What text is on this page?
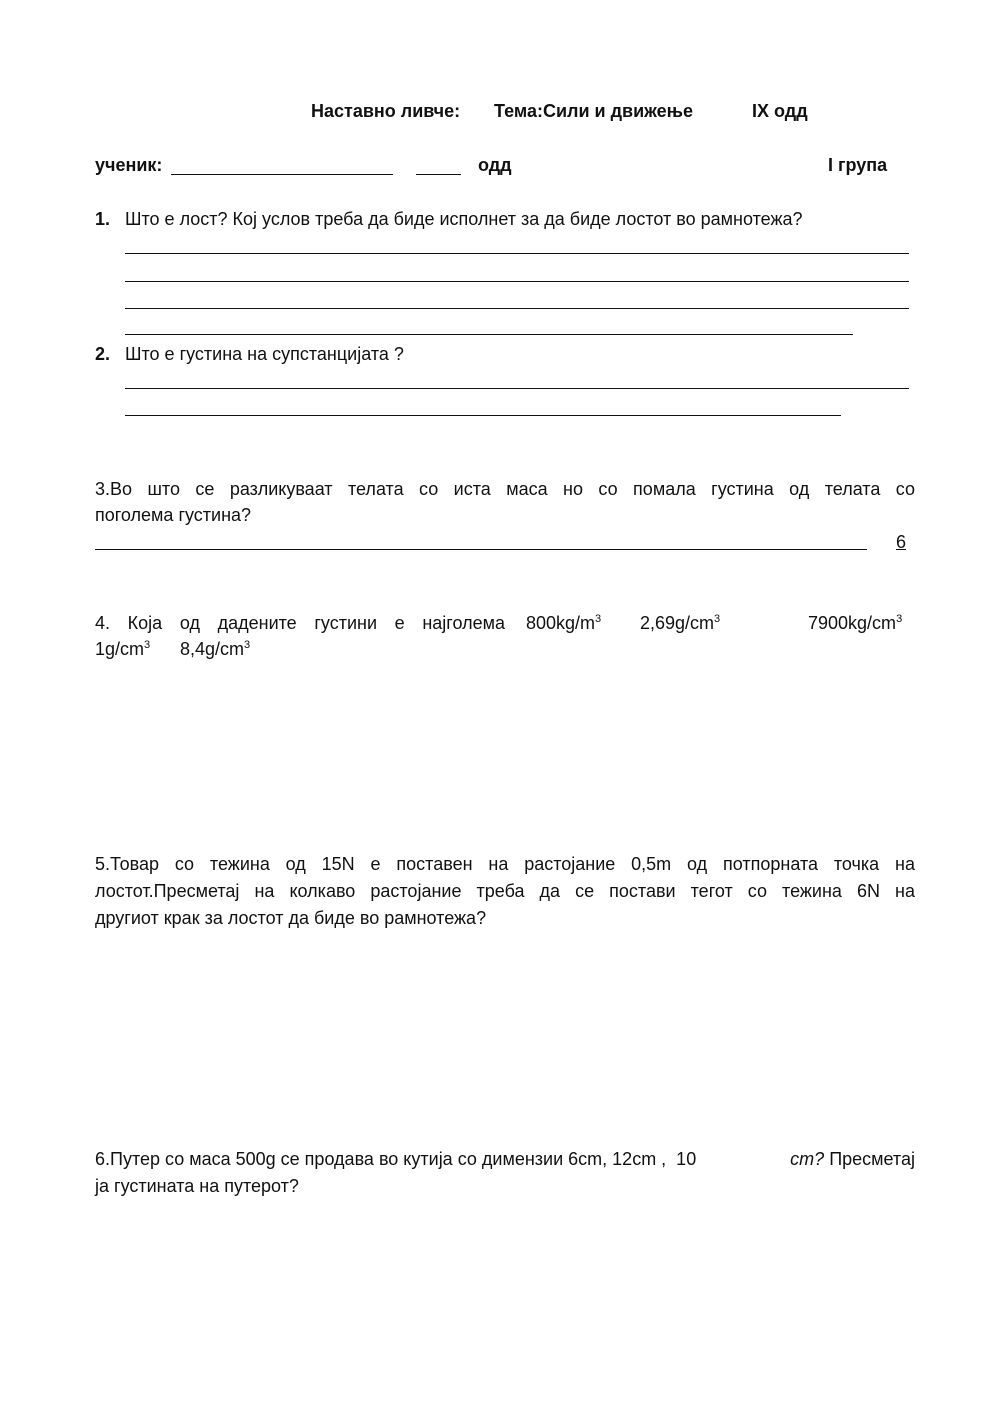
Наставно ливче: Тема:Сили и движење	IX одд
ученик:	одд	I група
1. Што е лост? Кој услов треба да биде исполнет за да биде лостот во рамнотежа?
2. Што е густина на супстанцијата ?
3.Во што се разликуваат телата со иста маса но со помала густина од телата со
поголема густина?
6
4. Која од дадените густини е најголема $800kg/m^3$ $2,69g/cm^3$	$7900kg/cm^3$
$1g/cm^3$ $8,4g/cm^3$
5.Товар со тежина од 15N е поставен на растојание 0,5m од потпорната точка на
лостот.Пресметај на колкаво растојание треба да се постави тегот со тежина 6N на
другиот крак за лостот да биде во рамнотежа?
6.Путер со маса 500g се продава во кутија со димензии 6cm, 12cm ,  10	cm? Пресметај
ја густината на путерот?
